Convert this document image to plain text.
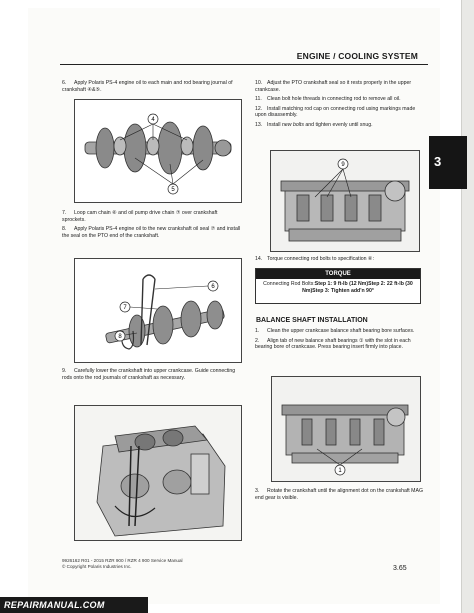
ENGINE / COOLING SYSTEM
3

6. Apply Polaris PS-4 engine oil to each main and rod bearing journal of crankshaft ④&⑤.

4
5

7. Loop cam chain ⑥ and oil pump drive chain ⑦ over crankshaft sprockets.

8. Apply Polaris PS-4 engine oil to the new crankshaft oil seal ⑦ and install the seal on the PTO end of the crankshaft.

6
7
8

9. Carefully lower the crankshaft into upper crankcase. Guide connecting rods onto the rod journals of crankshaft as necessary.

10. Adjust the PTO crankshaft seal so it rests properly in the upper crankcase.

11. Clean bolt hole threads in connecting rod to remove all oil.

12. Install matching rod cap on connecting rod using markings made upon disassembly.

13. Install new bolts and tighten evenly until snug.

9

14. Torque connecting rod bolts to specification ⑥:

TORQUE
Connecting Rod Bolts:Step 1: 9 ft-lb (12 Nm)Step 2: 22 ft-lb (30 Nm)Step 3: Tighten add'n 90°
BALANCE SHAFT INSTALLATION

1. Clean the upper crankcase balance shaft bearing bore surfaces.

2. Align tab of new balance shaft bearings ① with the slot in each bearing bore of crankcase. Press bearing insert firmly into place.

1

3. Rotate the crankshaft until the alignment dot on the crankshaft MAG end gear is visible.

9926162 R01 - 2015 RZR 900 / RZR 4 900 Service Manual
© Copyright Polaris Industries Inc.	3.65
REPAIRMANUAL.COM
